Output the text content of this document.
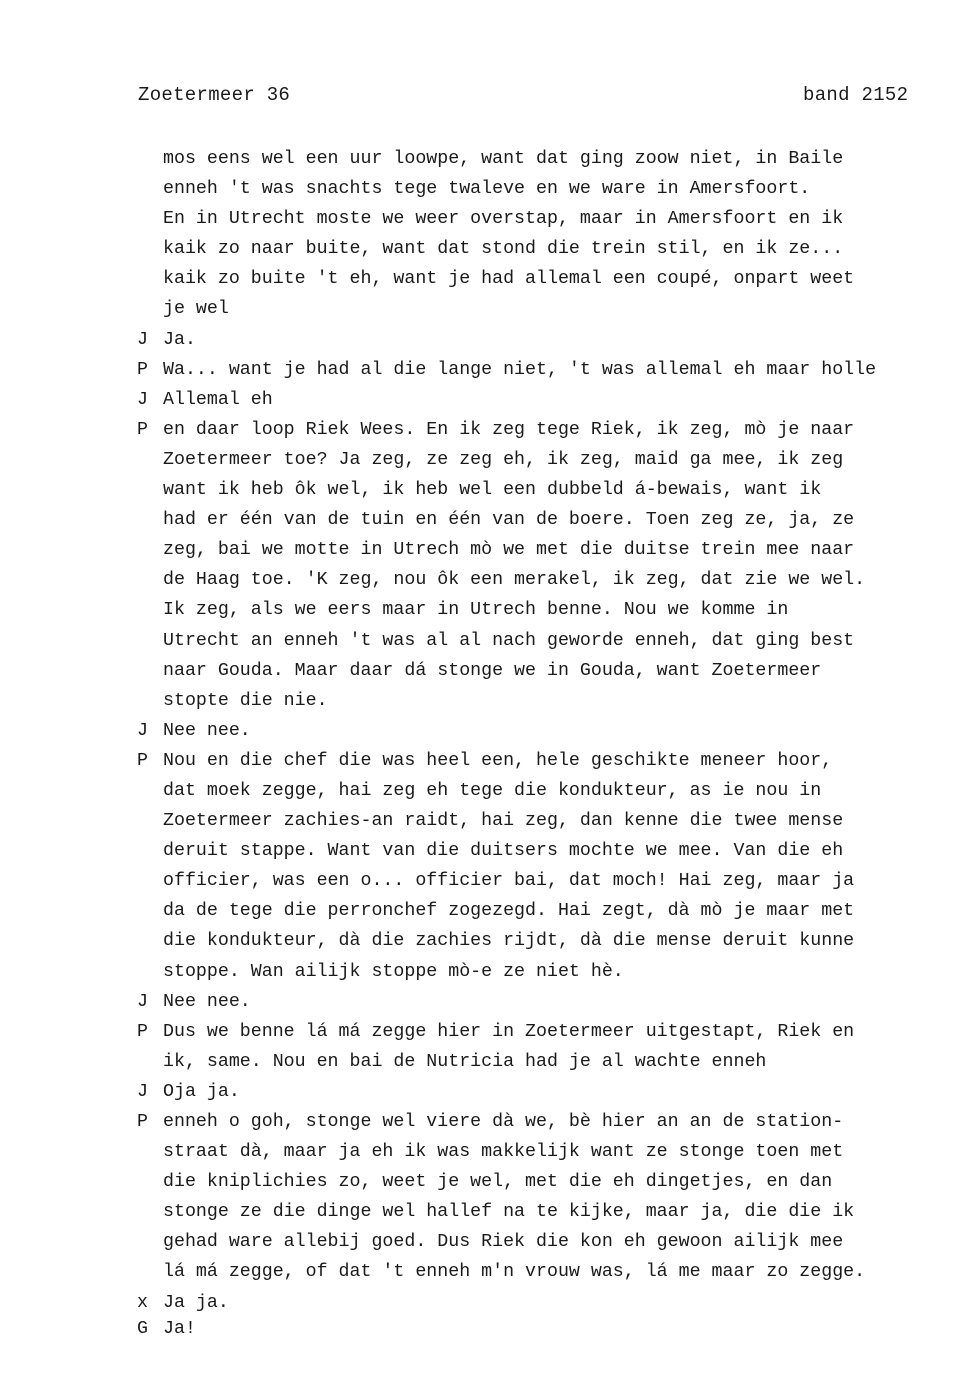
Zoetermeer 36	band 2152
mos eens wel een uur loowpe, want dat ging zoow niet, in Baile
enneh 't was snachts tege twaleve en we ware in Amersfoort.
En in Utrecht moste we weer overstap, maar in Amersfoort en ik
kaik zo naar buite, want dat stond die trein stil, en ik ze...
kaik zo buite 't eh, want je had allemal een coupé, onpart weet
je wel
J Ja.
P Wa... want je had al die lange niet, 't was allemal eh maar holle
J Allemal eh
P en daar loop Riek Wees. En ik zeg tege Riek, ik zeg, mò je naar
Zoetermeer toe? Ja zeg, ze zeg eh, ik zeg, maid ga mee, ik zeg
want ik heb ôk wel, ik heb wel een dubbeld á-bewais, want ik
had er één van de tuin en één van de boere. Toen zeg ze, ja, ze
zeg, bai we motte in Utrech mò we met die duitse trein mee naar
de Haag toe. 'K zeg, nou ôk een merakel, ik zeg, dat zie we wel.
Ik zeg, als we eers maar in Utrech benne. Nou we komme in
Utrecht an enneh 't was al al nach geworde enneh, dat ging best
naar Gouda. Maar daar dá stonge we in Gouda, want Zoetermeer
stopte die nie.
J Nee nee.
P Nou en die chef die was heel een, hele geschikte meneer hoor,
dat moek zegge, hai zeg eh tege die kondukteur, as ie nou in
Zoetermeer zachies-an raidt, hai zeg, dan kenne die twee mense
deruit stappe. Want van die duitsers mochte we mee. Van die eh
officier, was een o... officier bai, dat moch! Hai zeg, maar ja
da de tege die perronchef zogezegd. Hai zegt, dà mò je maar met
die kondukteur, dà die zachies rijdt, dà die mense deruit kunne
stoppe. Wan ailijk stoppe mò-e ze niet hè.
J Nee nee.
P Dus we benne lá má zegge hier in Zoetermeer uitgestapt, Riek en
ik, same. Nou en bai de Nutricia had je al wachte enneh
J Oja ja.
P enneh o goh, stonge wel viere dà we, bè hier an an de station-
straat dà, maar ja eh ik was makkelijk want ze stonge toen met
die kniplichies zo, weet je wel, met die eh dingetjes, en dan
stonge ze die dinge wel hallef na te kijke, maar ja, die die ik
gehad ware allebij goed. Dus Riek die kon eh gewoon ailijk mee
lá má zegge, of dat 't enneh m'n vrouw was, lá me maar zo zegge.
x Ja ja.
G Ja!
